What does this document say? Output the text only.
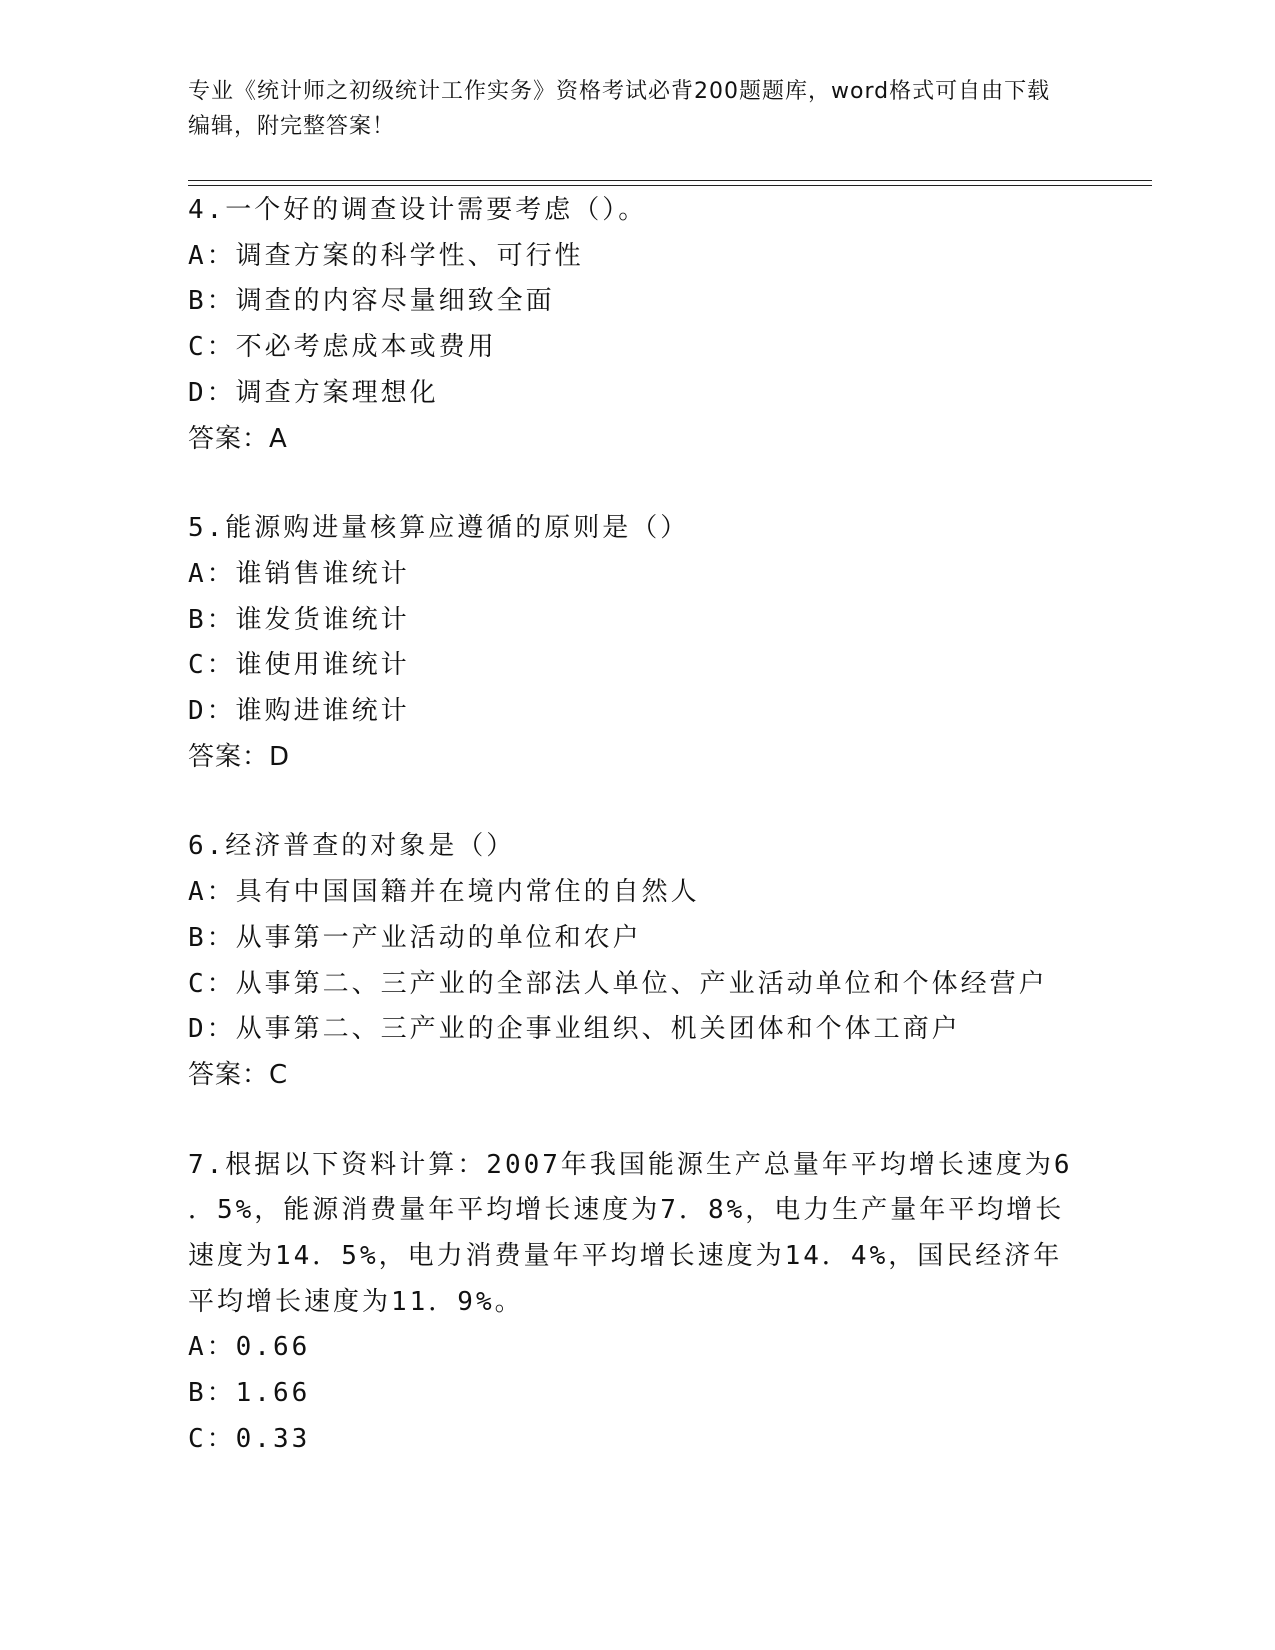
专业《统计师之初级统计工作实务》资格考试必背200题题库，word格式可自由下载编辑，附完整答案！
4.一个好的调查设计需要考虑（）。
A：调查方案的科学性、可行性
B：调查的内容尽量细致全面
C：不必考虑成本或费用
D：调查方案理想化
答案：A
5.能源购进量核算应遵循的原则是（）
A：谁销售谁统计
B：谁发货谁统计
C：谁使用谁统计
D：谁购进谁统计
答案：D
6.经济普查的对象是（）
A：具有中国国籍并在境内常住的自然人
B：从事第一产业活动的单位和农户
C：从事第二、三产业的全部法人单位、产业活动单位和个体经营户
D：从事第二、三产业的企事业组织、机关团体和个体工商户
答案：C
7.根据以下资料计算：2007年我国能源生产总量年平均增长速度为6
．5%，能源消费量年平均增长速度为7．8%，电力生产量年平均增长
速度为14．5%，电力消费量年平均增长速度为14．4%，国民经济年
平均增长速度为11．9%。
A：0.66
B：1.66
C：0.33
